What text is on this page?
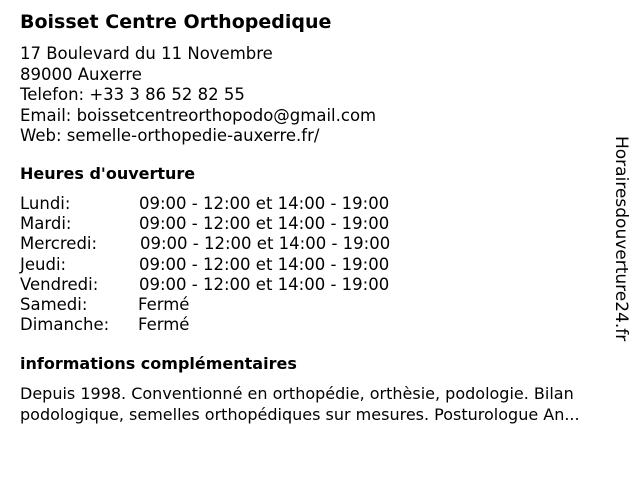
Boisset Centre Orthopedique
17 Boulevard du 11 Novembre
89000 Auxerre
Telefon: +33 3 86 52 82 55
Email: boissetcentreorthopodo@gmail.com
Web: semelle-orthopedie-auxerre.fr/
Heures d'ouverture
Lundi:	09:00 - 12:00 et 14:00 - 19:00
Mardi:	09:00 - 12:00 et 14:00 - 19:00
Mercredi:	09:00 - 12:00 et 14:00 - 19:00
Jeudi:	09:00 - 12:00 et 14:00 - 19:00
Vendredi: 09:00 - 12:00 et 14:00 - 19:00
Samedi:	Fermé
Dimanche: Fermé
informations complémentaires
Depuis 1998. Conventionné en orthopédie, orthèsie, podologie. Bilan
podologique, semelles orthopédiques sur mesures. Posturologue An...
Horairesdouverture24.fr
